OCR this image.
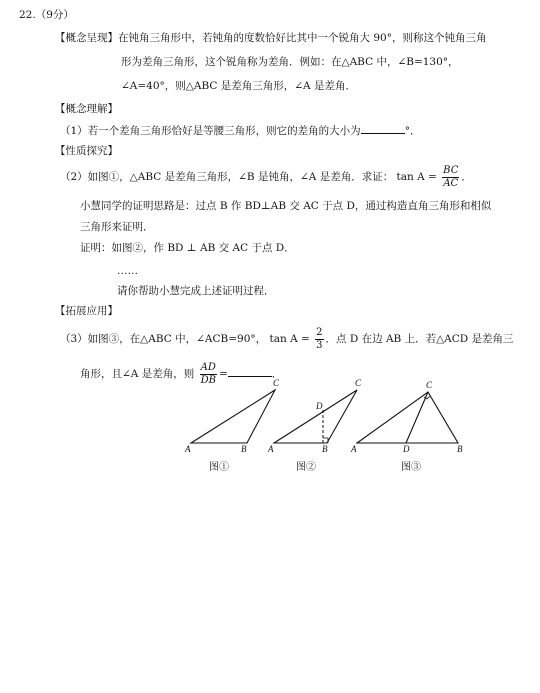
22.（9分）
【概念呈现】在钝角三角形中，若钝角的度数恰好比其中一个锐角大 90°，则称这个钝角三角
形为差角三角形，这个锐角称为差角．例如：在△ABC 中，∠B=130°，
∠A=40°，则△ABC 是差角三角形，∠A 是差角．
【概念理解】
（1）若一个差角三角形恰好是等腰三角形，则它的差角的大小为	°．
【性质探究】
（2）如图①，△ABC 是差角三角形，∠B 是钝角，∠A 是差角．求证： $\tan A = \frac{BC}{AC}$ ．
小慧同学的证明思路是：过点 B 作 BD⊥AB 交 AC 于点 D，通过构造直角三角形和相似
三角形来证明．
证明：如图②，作 BD ⊥ AB 交 AC 于点 D．
……
请你帮助小慧完成上述证明过程．
【拓展应用】
（3）如图③，在△ABC 中，∠ACB=90°， $\tan A = \frac{2}{3}$ ．点 D 在边 AB 上．若△ACD 是差角三
角形，且∠A 是差角，则 $\frac{AD}{DB}$ =	．
A	B
C
A	B
C
D
A	D	B
C
图①	图②	图③
